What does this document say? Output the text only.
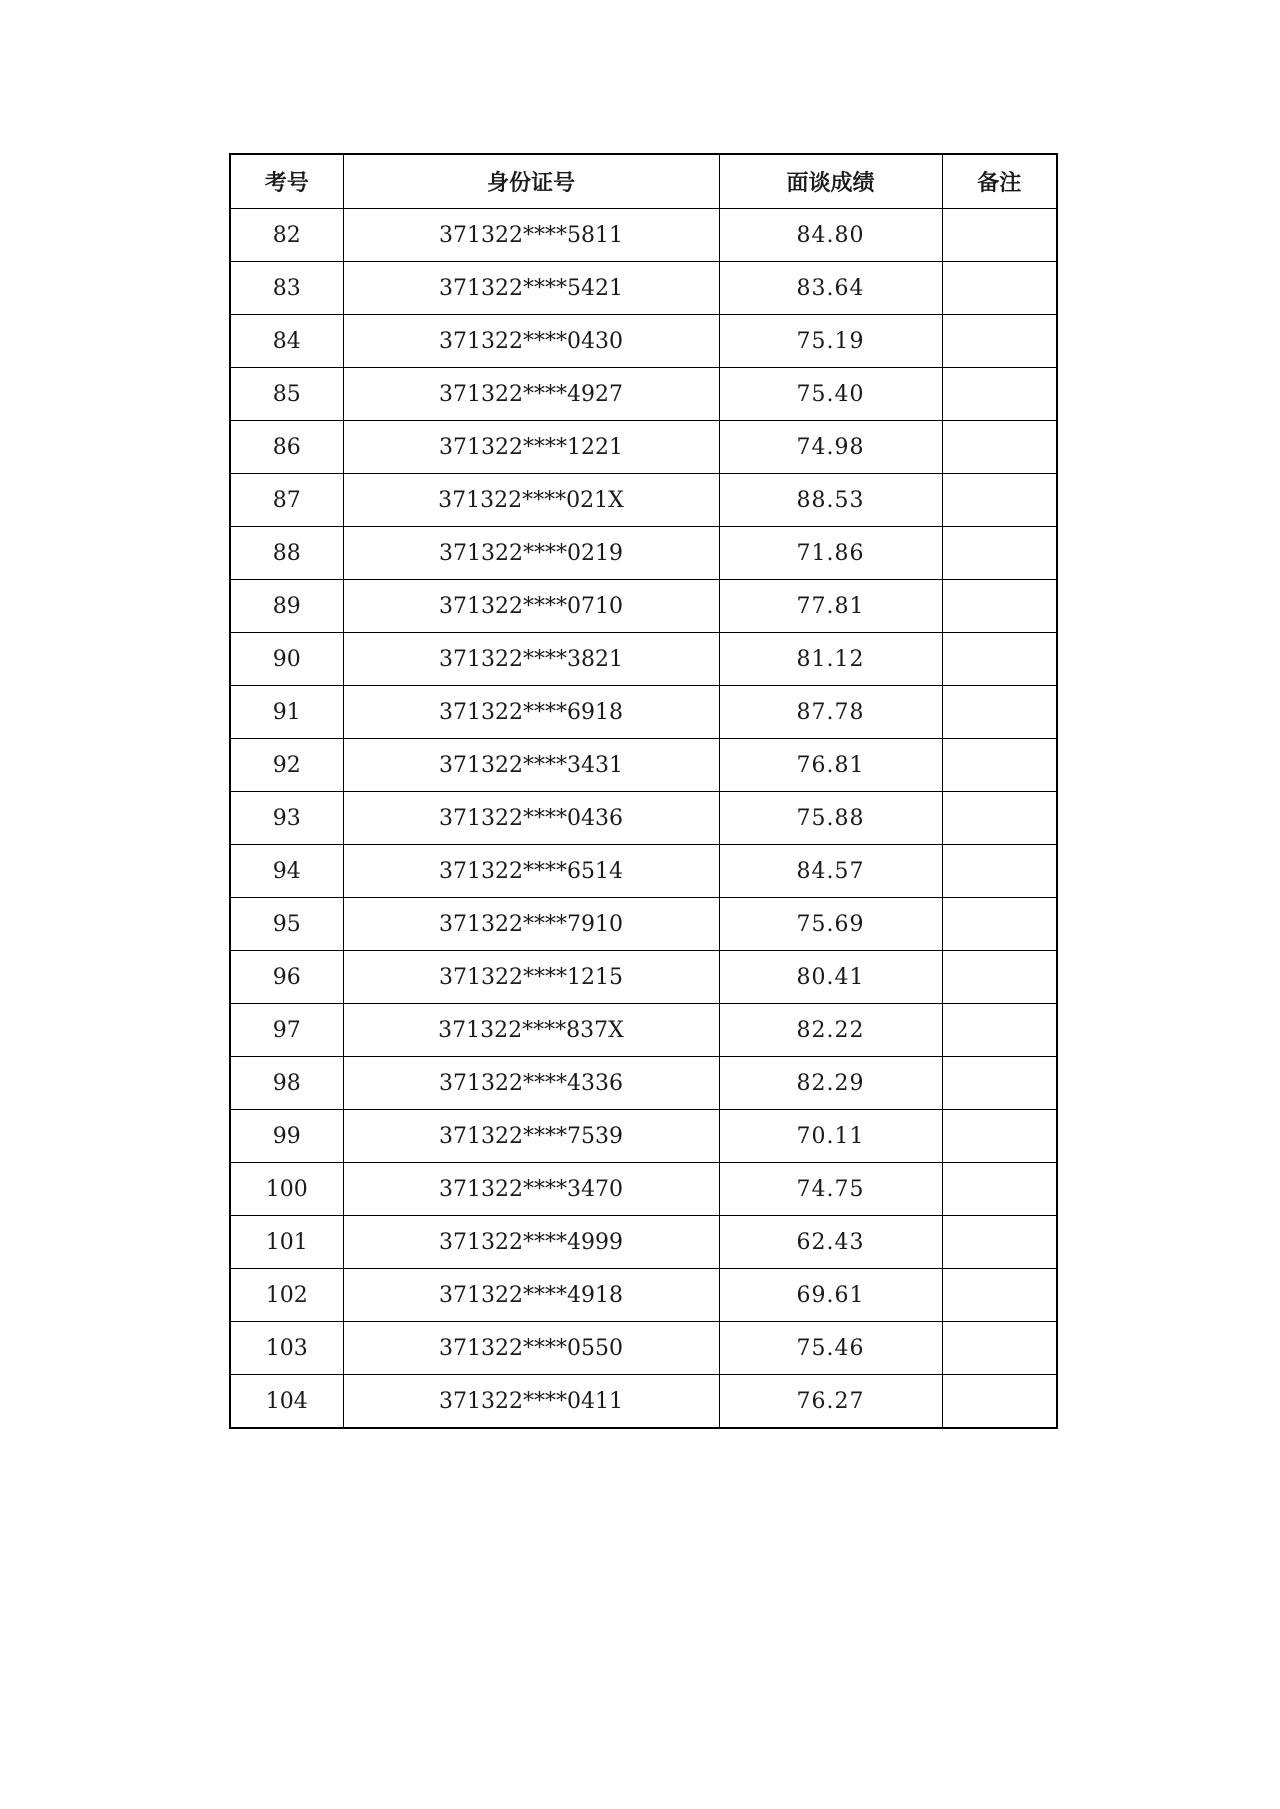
考号	身份证号	面谈成绩	备注
82	371322****5811	84.80	
83	371322****5421	83.64	
84	371322****0430	75.19	
85	371322****4927	75.40	
86	371322****1221	74.98	
87	371322****021X	88.53	
88	371322****0219	71.86	
89	371322****0710	77.81	
90	371322****3821	81.12	
91	371322****6918	87.78	
92	371322****3431	76.81	
93	371322****0436	75.88	
94	371322****6514	84.57	
95	371322****7910	75.69	
96	371322****1215	80.41	
97	371322****837X	82.22	
98	371322****4336	82.29	
99	371322****7539	70.11	
100	371322****3470	74.75	
101	371322****4999	62.43	
102	371322****4918	69.61	
103	371322****0550	75.46	
104	371322****0411	76.27	
